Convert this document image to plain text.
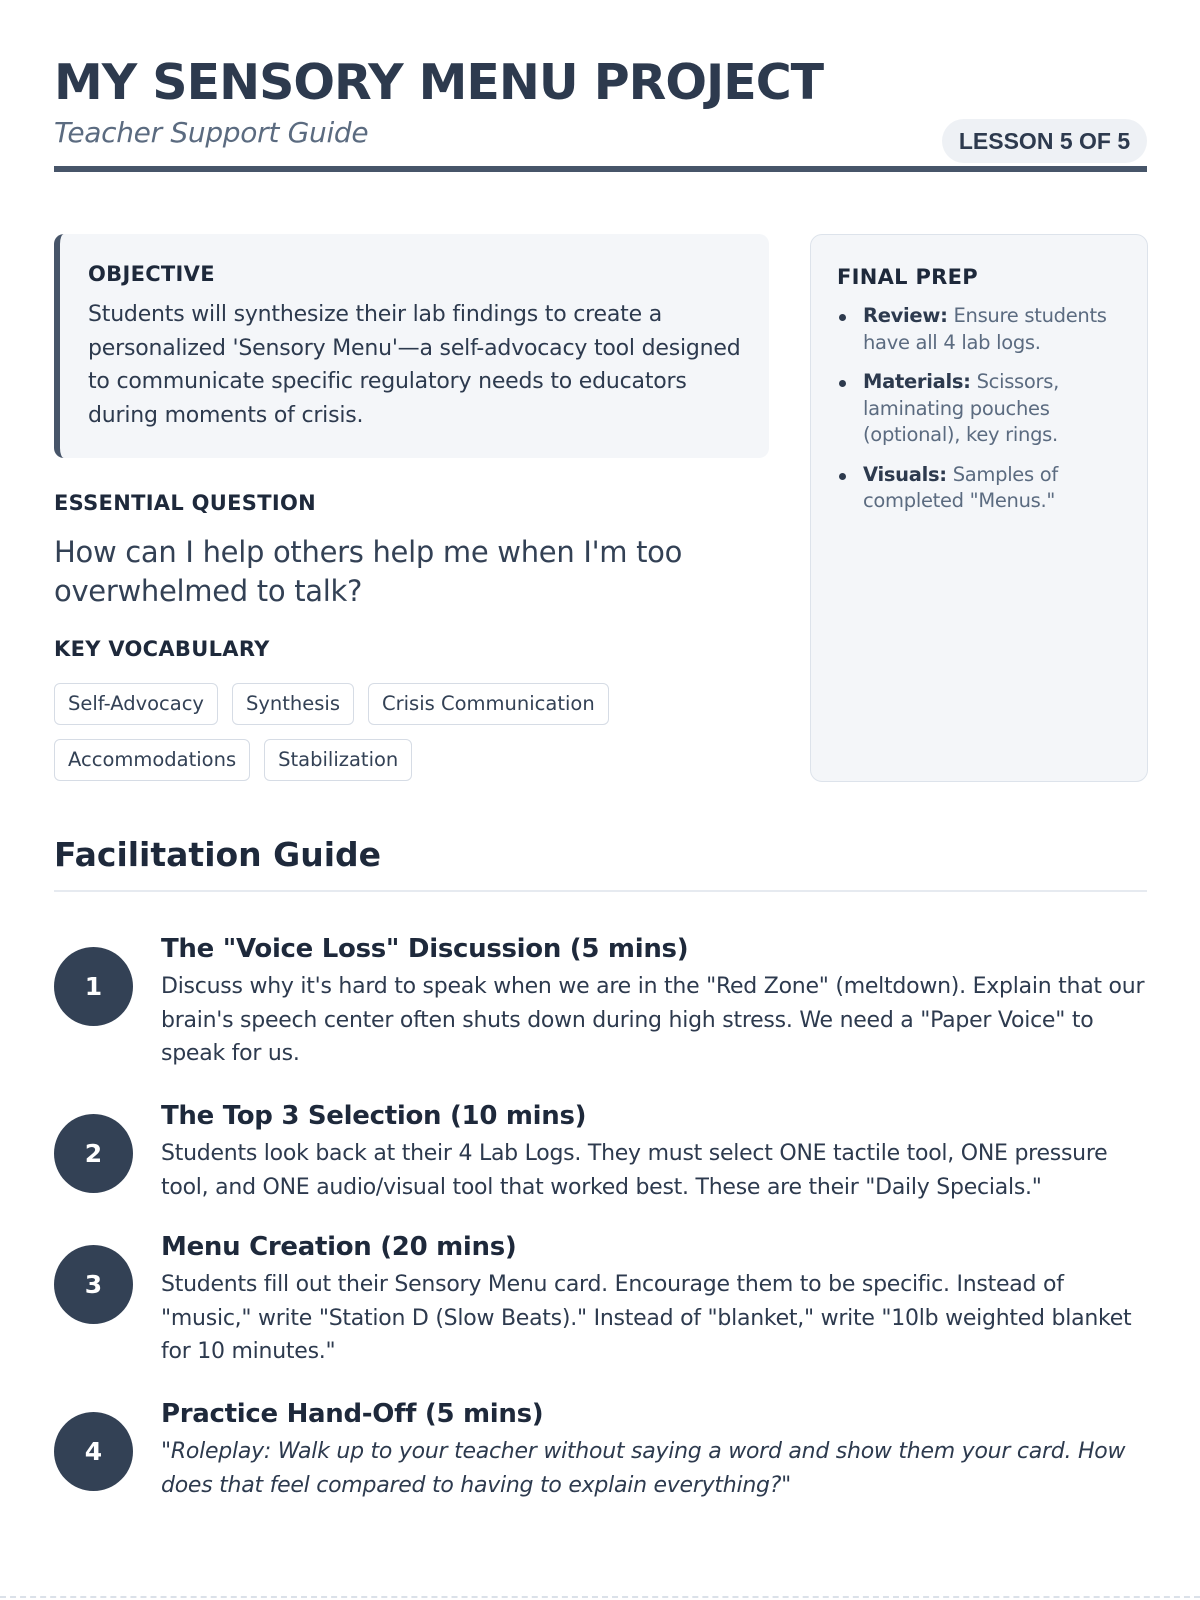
MY SENSORY MENU PROJECT
Teacher Support Guide	LESSON 5 OF 5
OBJECTIVE

Students will synthesize their lab findings to create a personalized 'Sensory Menu'—a self-advocacy tool designed to communicate specific regulatory needs to educators during moments of crisis.

ESSENTIAL QUESTION

How can I help others help me when I'm too overwhelmed to talk?

KEY VOCABULARY
Self-Advocacy	Synthesis	Crisis Communication
Accommodations	Stabilization
FINAL PREP
Review: Ensure students have all 4 lab logs.
Materials: Scissors, laminating pouches (optional), key rings.
Visuals: Samples of completed "Menus."
Facilitation Guide
1
The "Voice Loss" Discussion (5 mins)

Discuss why it's hard to speak when we are in the "Red Zone" (meltdown). Explain that our brain's speech center often shuts down during high stress. We need a "Paper Voice" to speak for us.

2
The Top 3 Selection (10 mins)

Students look back at their 4 Lab Logs. They must select ONE tactile tool, ONE pressure tool, and ONE audio/visual tool that worked best. These are their "Daily Specials."

3
Menu Creation (20 mins)

Students fill out their Sensory Menu card. Encourage them to be specific. Instead of "music," write "Station D (Slow Beats)." Instead of "blanket," write "10lb weighted blanket for 10 minutes."

4
Practice Hand-Off (5 mins)

"Roleplay: Walk up to your teacher without saying a word and show them your card. How does that feel compared to having to explain everything?"
